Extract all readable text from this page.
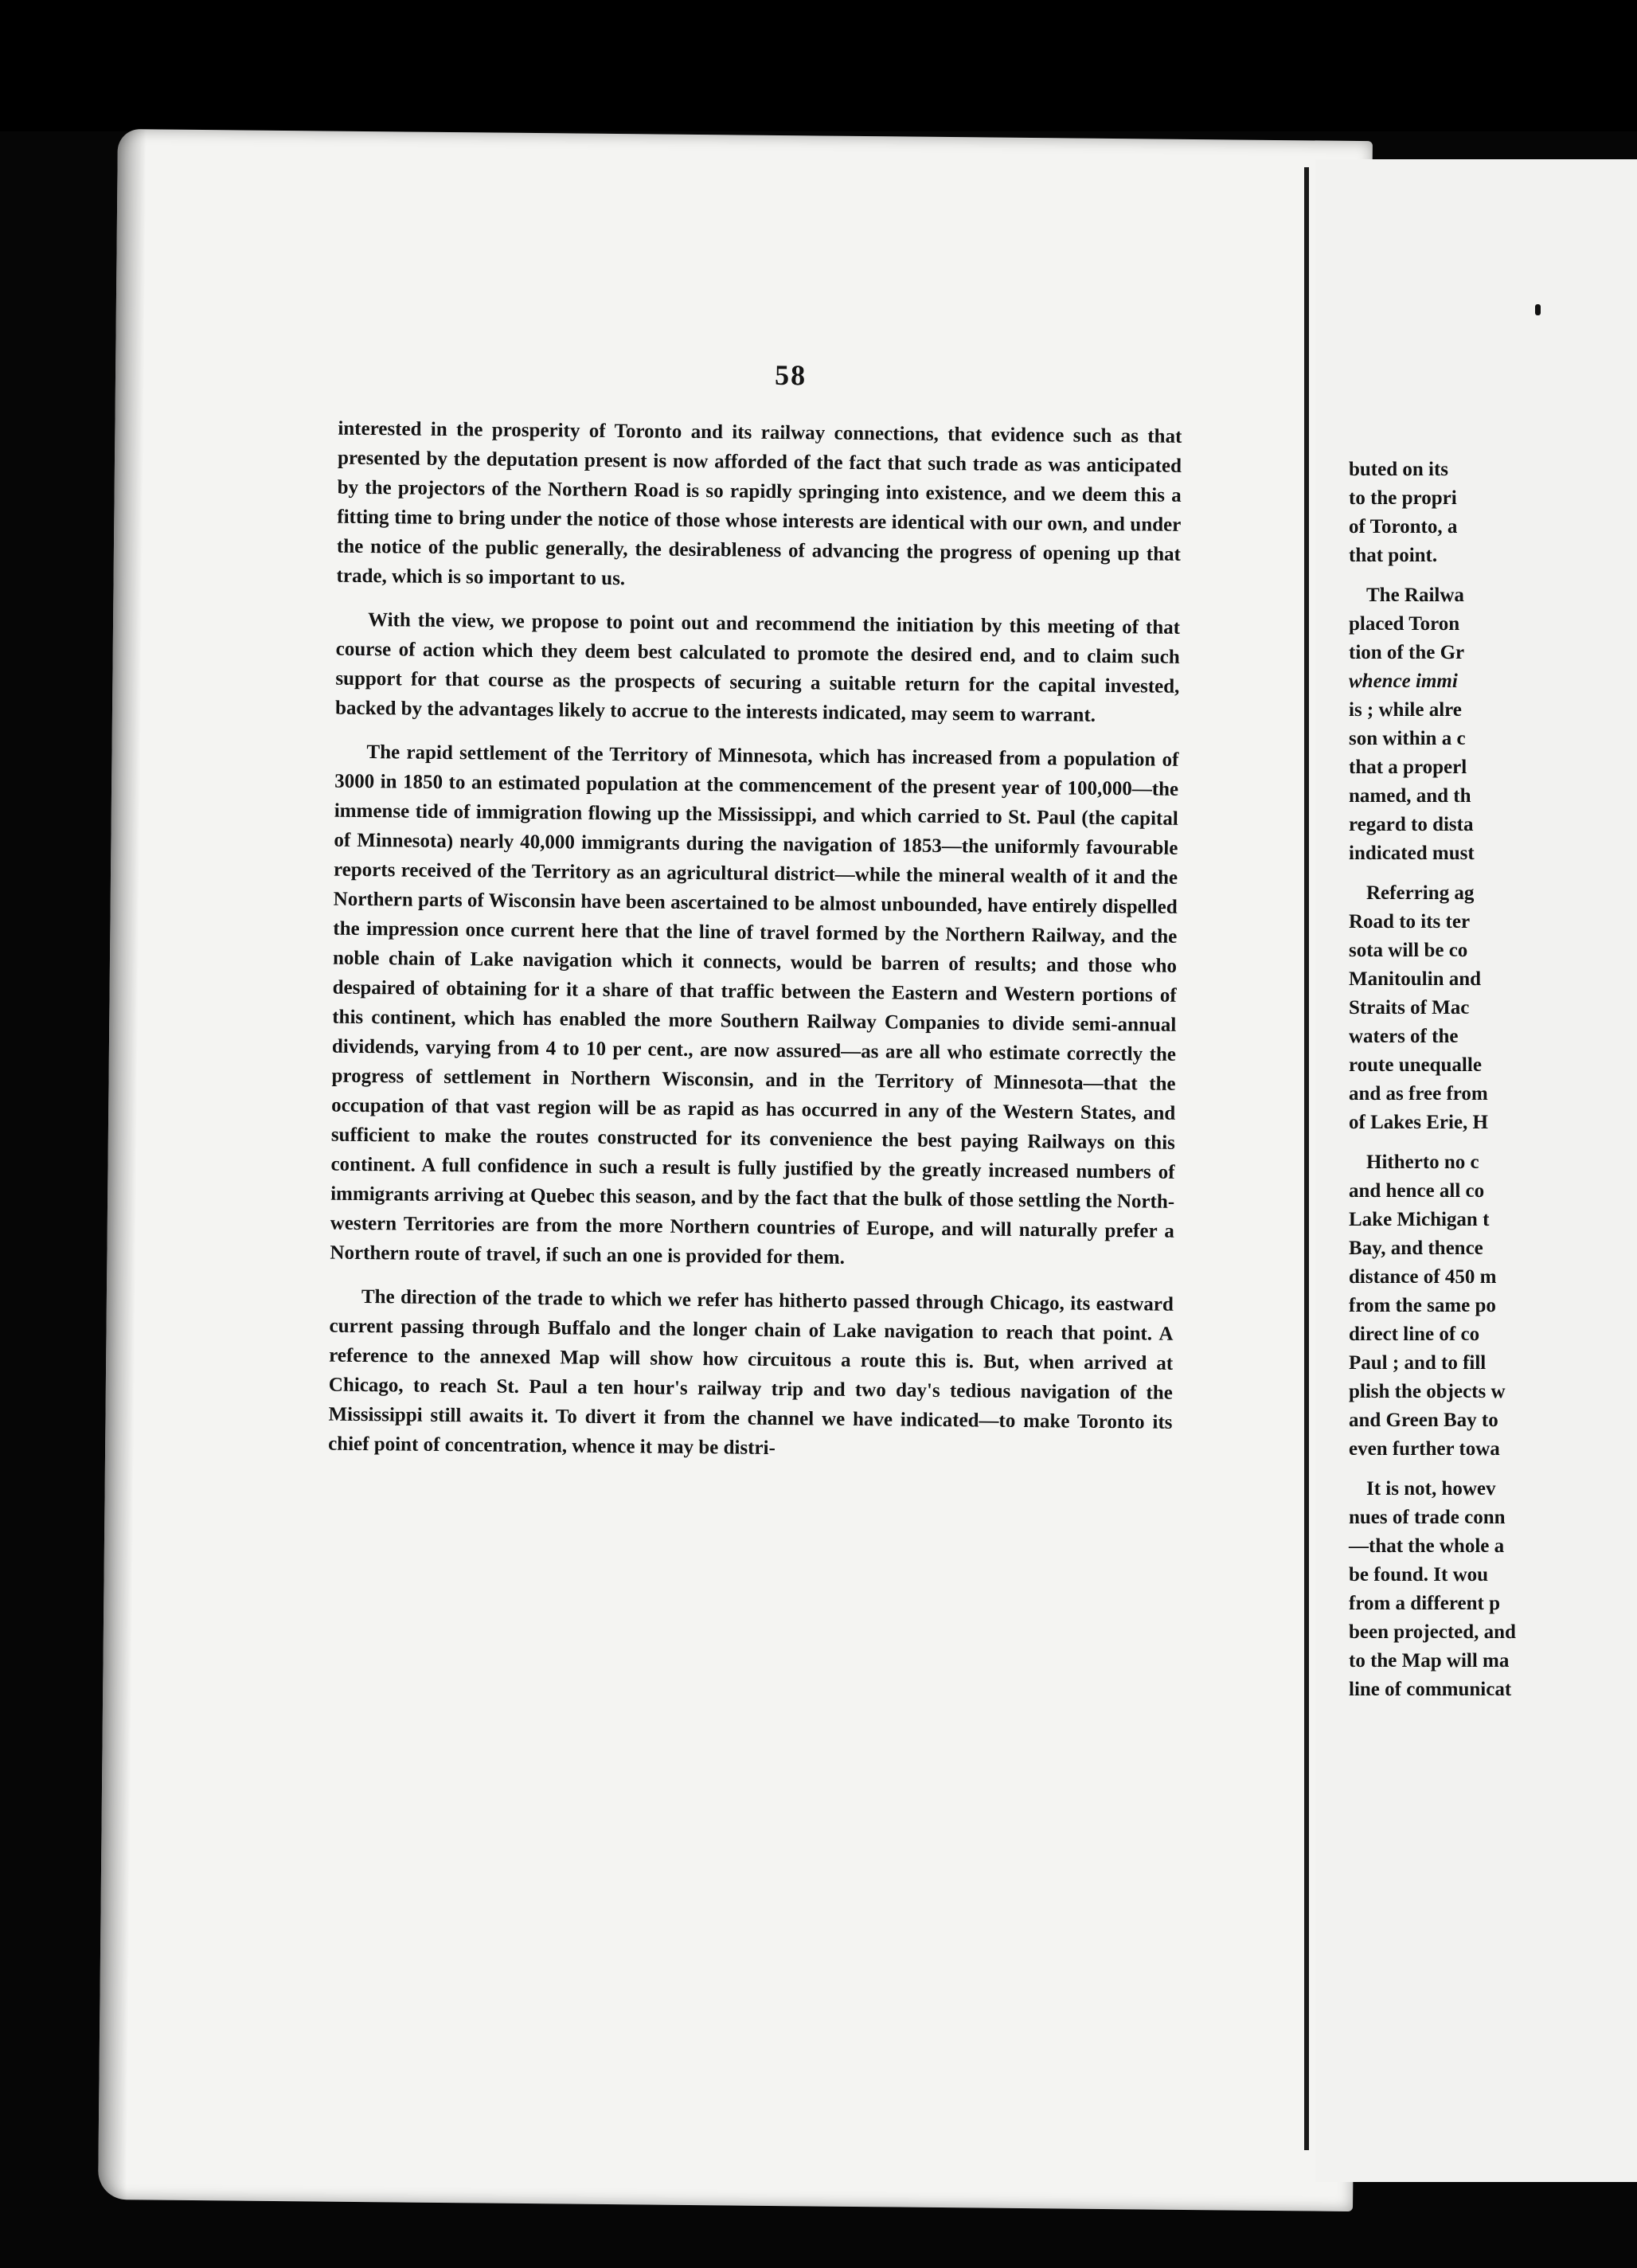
58

interested in the prosperity of Toronto and its railway connections, that evidence such as that presented by the deputation present is now afforded of the fact that such trade as was anticipated by the projectors of the Northern Road is so rapidly springing into existence, and we deem this a fitting time to bring under the notice of those whose interests are identical with our own, and under the notice of the public generally, the desirableness of advancing the progress of opening up that trade, which is so important to us.

With the view, we propose to point out and recommend the initiation by this meeting of that course of action which they deem best calculated to promote the desired end, and to claim such support for that course as the prospects of securing a suitable return for the capital invested, backed by the advantages likely to accrue to the interests indicated, may seem to warrant.

The rapid settlement of the Territory of Minnesota, which has increased from a population of 3000 in 1850 to an estimated population at the commencement of the present year of 100,000—the immense tide of immigration flowing up the Mississippi, and which carried to St. Paul (the capital of Minnesota) nearly 40,000 immigrants during the navigation of 1853—the uniformly favourable reports received of the Territory as an agricultural district—while the mineral wealth of it and the Northern parts of Wisconsin have been ascertained to be almost unbounded, have entirely dispelled the impression once current here that the line of travel formed by the Northern Railway, and the noble chain of Lake navigation which it connects, would be barren of results; and those who despaired of obtaining for it a share of that traffic between the Eastern and Western portions of this continent, which has enabled the more Southern Railway Companies to divide semi-annual dividends, varying from 4 to 10 per cent., are now assured—as are all who estimate correctly the progress of settlement in Northern Wisconsin, and in the Territory of Minnesota—that the occupation of that vast region will be as rapid as has occurred in any of the Western States, and sufficient to make the routes constructed for its convenience the best paying Railways on this continent. A full confidence in such a result is fully justified by the greatly increased numbers of immigrants arriving at Quebec this season, and by the fact that the bulk of those settling the North-western Territories are from the more Northern countries of Europe, and will naturally prefer a Northern route of travel, if such an one is provided for them.

The direction of the trade to which we refer has hitherto passed through Chicago, its eastward current passing through Buffalo and the longer chain of Lake navigation to reach that point. A reference to the annexed Map will show how circuitous a route this is. But, when arrived at Chicago, to reach St. Paul a ten hour's railway trip and two day's tedious navigation of the Mississippi still awaits it. To divert it from the channel we have indicated—to make Toronto its chief point of concentration, whence it may be distri-

buted on its
to the propri
of Toronto, a
that point.
The Railwa
placed Toron
tion of the Gr
whence immi
is ; while alre
son within a c
that a properl
named, and th
regard to dista
indicated must
Referring ag
Road to its ter
sota will be co
Manitoulin and
Straits of Mac
waters of the
route unequalle
and as free from
of Lakes Erie, H
Hitherto no c
and hence all co
Lake Michigan t
Bay, and thence
distance of 450 m
from the same po
direct line of co
Paul ; and to fill
plish the objects w
and Green Bay to
even further towa
It is not, howev
nues of trade conn
—that the whole a
be found. It wou
from a different p
been projected, and
to the Map will ma
line of communicat
